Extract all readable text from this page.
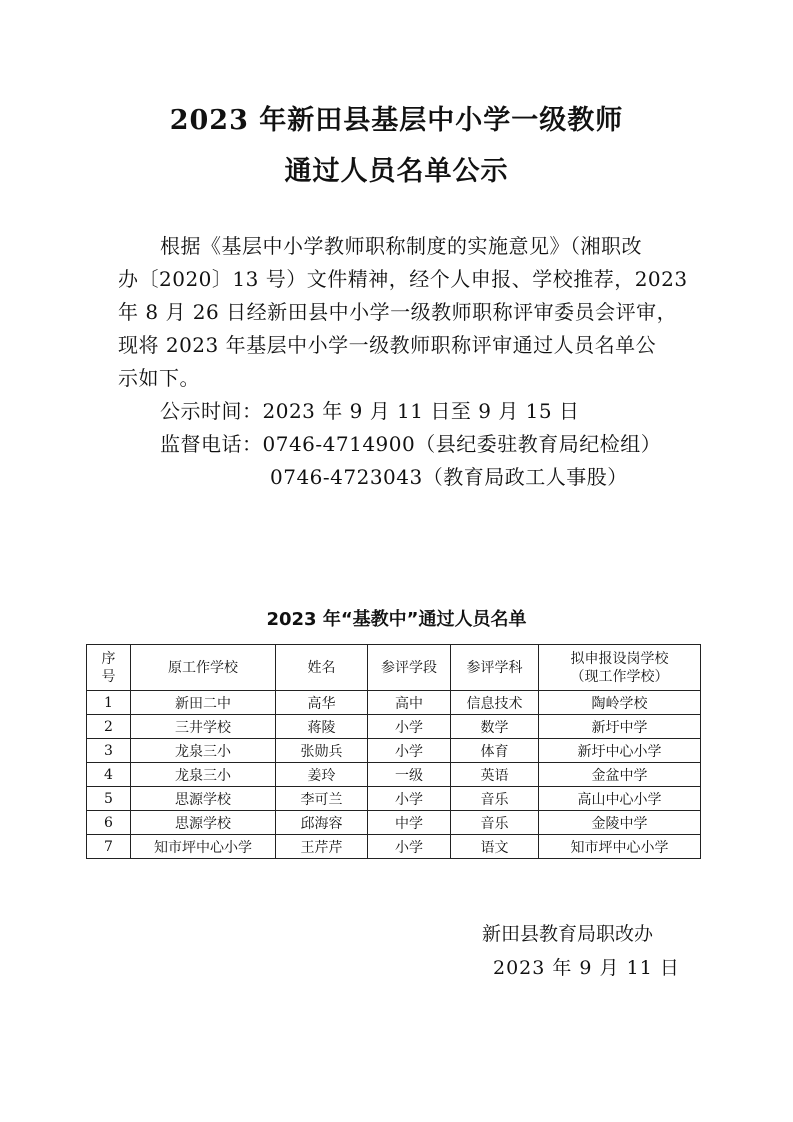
2023 年新田县基层中小学一级教师
通过人员名单公示
根据《基层中小学教师职称制度的实施意见》（湘职改
办〔2020〕13 号）文件精神，经个人申报、学校推荐，2023
年 8 月 26 日经新田县中小学一级教师职称评审委员会评审，
现将 2023 年基层中小学一级教师职称评审通过人员名单公
示如下。
公示时间：2023 年 9 月 11 日至 9 月 15 日
监督电话：0746-4714900（县纪委驻教育局纪检组）
0746-4723043（教育局政工人事股）
2023 年“基教中”通过人员名单
序号	原工作学校	姓名	参评学段	参评学科	拟申报设岗学校
（现工作学校）

1	新田二中	高华	高中	信息技术	陶岭学校
2	三井学校	蒋陵	小学	数学	新圩中学
3	龙泉三小	张勋兵	小学	体育	新圩中心小学
4	龙泉三小	姜玲	一级	英语	金盆中学
5	思源学校	李可兰	小学	音乐	高山中心小学
6	思源学校	邱海容	中学	音乐	金陵中学
7	知市坪中心小学	王芹芹	小学	语文	知市坪中心小学
新田县教育局职改办
2023 年 9 月 11 日
